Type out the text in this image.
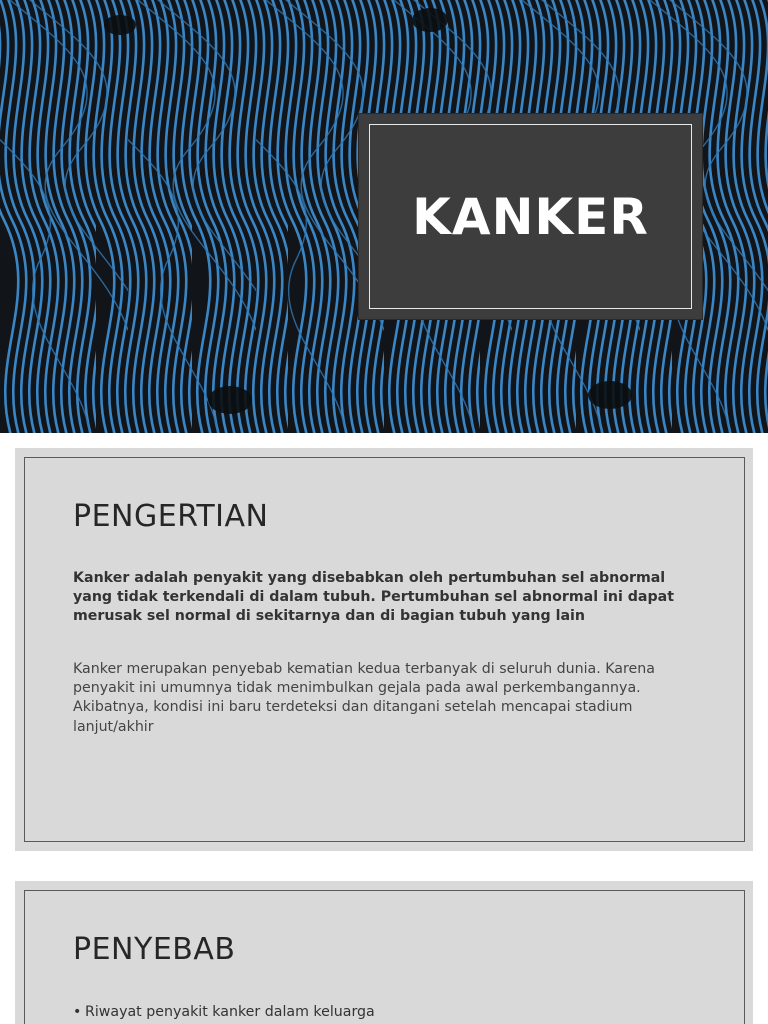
KANKER
PENGERTIAN

Kanker adalah penyakit yang disebabkan oleh pertumbuhan sel abnormal yang tidak terkendali di dalam tubuh. Pertumbuhan sel abnormal ini dapat merusak sel normal di sekitarnya dan di bagian tubuh yang lain

Kanker merupakan penyebab kematian kedua terbanyak di seluruh dunia. Karena penyakit ini umumnya tidak menimbulkan gejala pada awal perkembangannya. Akibatnya, kondisi ini baru terdeteksi dan ditangani setelah mencapai stadium lanjut/akhir

PENYEBAB
• Riwayat penyakit kanker dalam keluarga
